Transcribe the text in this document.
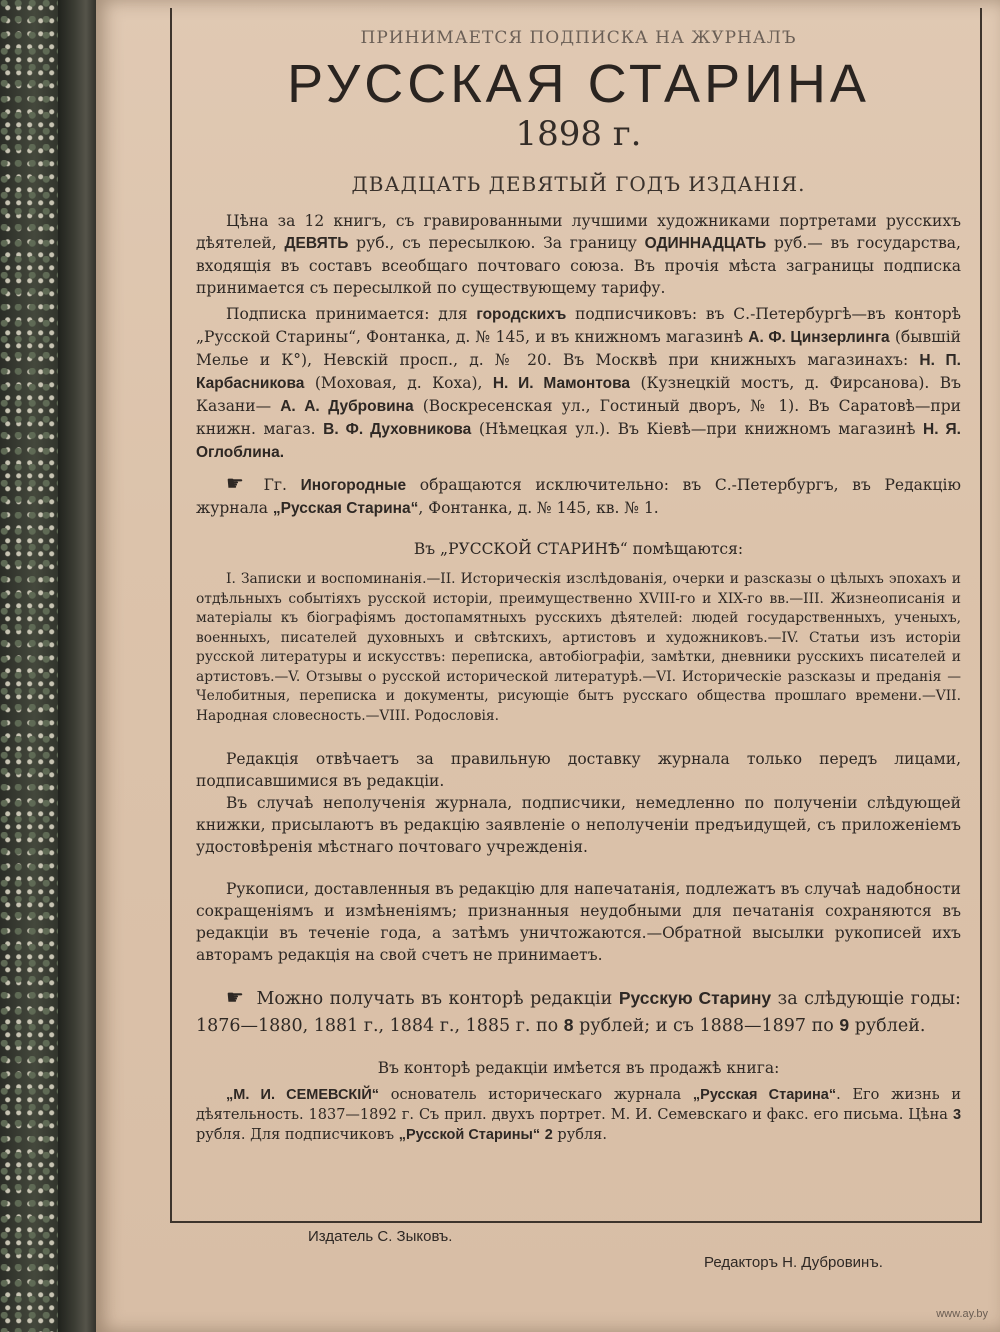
ПРИНИМАЕТСЯ ПОДПИСКА НА ЖУРНАЛЪ
РУССКАЯ СТАРИНА
1898 г.
ДВАДЦАТЬ ДЕВЯТЫЙ ГОДЪ ИЗДАНІЯ.

Цѣна за 12 книгъ, съ гравированными лучшими художниками портретами русскихъ дѣятелей, ДЕВЯТЬ руб., съ пересылкою. За границу ОДИННАДЦАТЬ руб.— въ государства, входящія въ составъ всеобщаго почтоваго союза. Въ прочія мѣста заграницы подписка принимается съ пересылкой по существующему тарифу.

Подписка принимается: для городскихъ подписчиковъ: въ С.-Петербургѣ—въ конторѣ „Русской Старины“, Фонтанка, д. № 145, и въ книжномъ магазинѣ А. Ф. Цинзерлинга (бывшій Мелье и К°), Невскій просп., д. № 20. Въ Москвѣ при книжныхъ магазинахъ: Н. П. Карбасникова (Моховая, д. Коха), Н. И. Мамонтова (Кузнецкій мостъ, д. Фирсанова). Въ Казани— А. А. Дубровина (Воскресенская ул., Гостиный дворъ, № 1). Въ Саратовѣ—при книжн. магаз. В. Ф. Духовникова (Нѣмецкая ул.). Въ Кіевѣ—при книжномъ магазинѣ Н. Я. Оглоблина.

☛ Гг. Иногородные обращаются исключительно: въ С.-Петербургъ, въ Редакцію журнала „Русская Старина“, Фонтанка, д. № 145, кв. № 1.

Въ „РУССКОЙ СТАРИНѢ“ помѣщаются:

I. Записки и воспоминанія.—II. Историческія изслѣдованія, очерки и разсказы о цѣлыхъ эпохахъ и отдѣльныхъ событіяхъ русской исторіи, преимущественно XVIII-го и XIX-го вв.—III. Жизнеописанія и матеріалы къ біографіямъ достопамятныхъ русскихъ дѣятелей: людей государственныхъ, ученыхъ, военныхъ, писателей духовныхъ и свѣтскихъ, артистовъ и художниковъ.—IV. Статьи изъ исторіи русской литературы и искусствъ: переписка, автобіографіи, замѣтки, дневники русскихъ писателей и артистовъ.—V. Отзывы о русской исторической литературѣ.—VI. Историческіе разсказы и преданія — Челобитныя, переписка и документы, рисующіе бытъ русскаго общества прошлаго времени.—VII. Народная словесность.—VIII. Родословія.

Редакція отвѣчаетъ за правильную доставку журнала только передъ лицами, подписавшимися въ редакціи.

Въ случаѣ неполученія журнала, подписчики, немедленно по полученіи слѣдующей книжки, присылаютъ въ редакцію заявленіе о неполученіи предъидущей, съ приложеніемъ удостовѣренія мѣстнаго почтоваго учрежденія.

Рукописи, доставленныя въ редакцію для напечатанія, подлежатъ въ случаѣ надобности сокращеніямъ и измѣненіямъ; признанныя неудобными для печатанія сохраняются въ редакціи въ теченіе года, а затѣмъ уничтожаются.—Обратной высылки рукописей ихъ авторамъ редакція на свой счетъ не принимаетъ.

☛ Можно получать въ конторѣ редакціи Русскую Старину за слѣдующіе годы: 1876—1880, 1881 г., 1884 г., 1885 г. по 8 рублей; и съ 1888—1897 по 9 рублей.

Въ конторѣ редакціи имѣется въ продажѣ книга:

„М. И. СЕМЕВСКІЙ“ основатель историческаго журнала „Русская Старина“. Его жизнь и дѣятельность. 1837—1892 г. Съ прил. двухъ портрет. М. И. Семевскаго и факс. его письма. Цѣна 3 рубля. Для подписчиковъ „Русской Старины“ 2 рубля.

Издатель С. Зыковъ.
Редакторъ Н. Дубровинъ.
www.ay.by
